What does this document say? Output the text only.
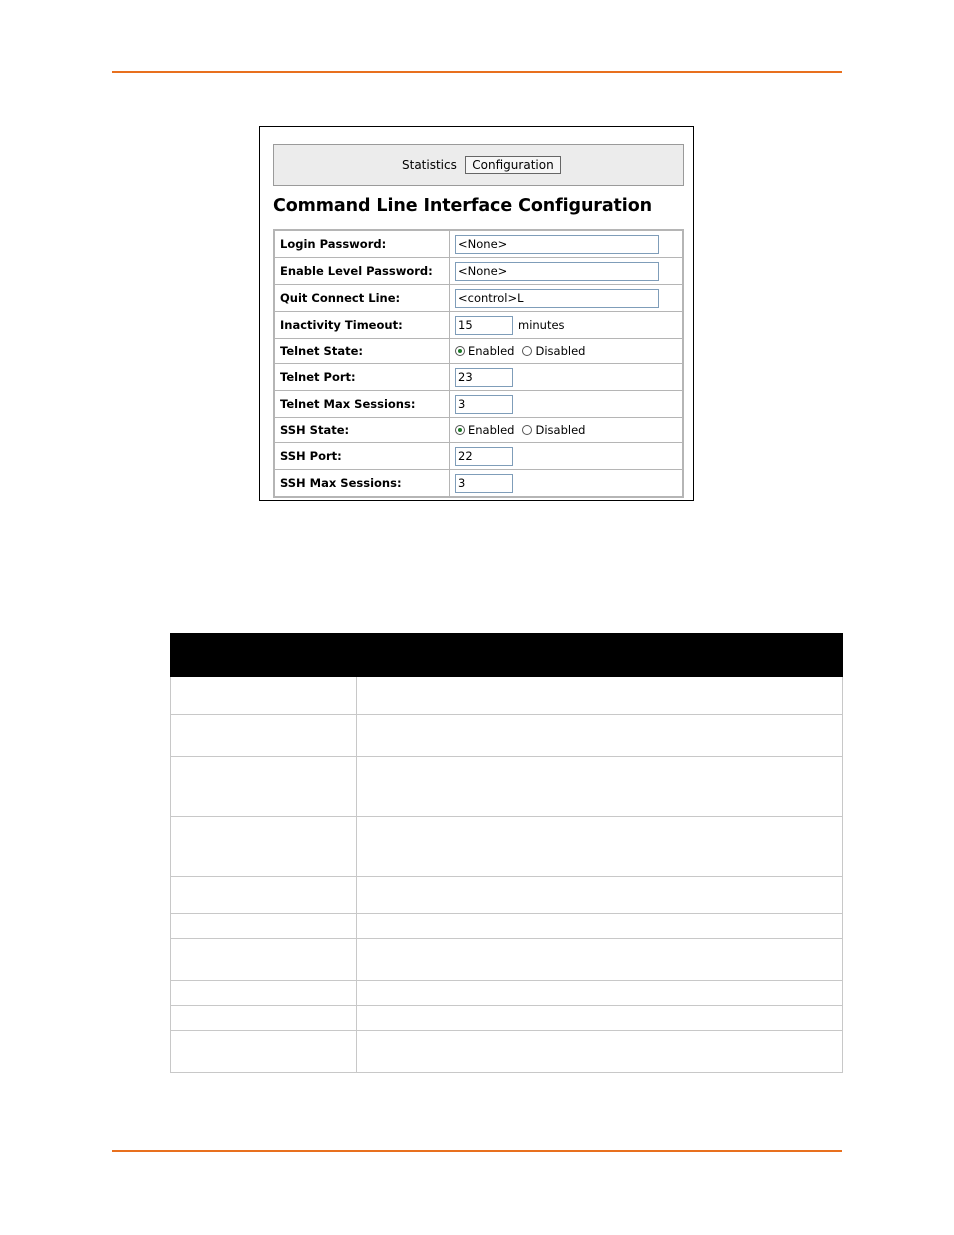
Statistics	Configuration
Command Line Interface Configuration
Login Password:
<None>
Enable Level Password:
<None>
Quit Connect Line:
<control>L
Inactivity Timeout:
15	minutes
Telnet State:	Enabled Disabled
Telnet Port:
23
Telnet Max Sessions:
3
SSH State:	Enabled Disabled
SSH Port:
22
SSH Max Sessions:
3
